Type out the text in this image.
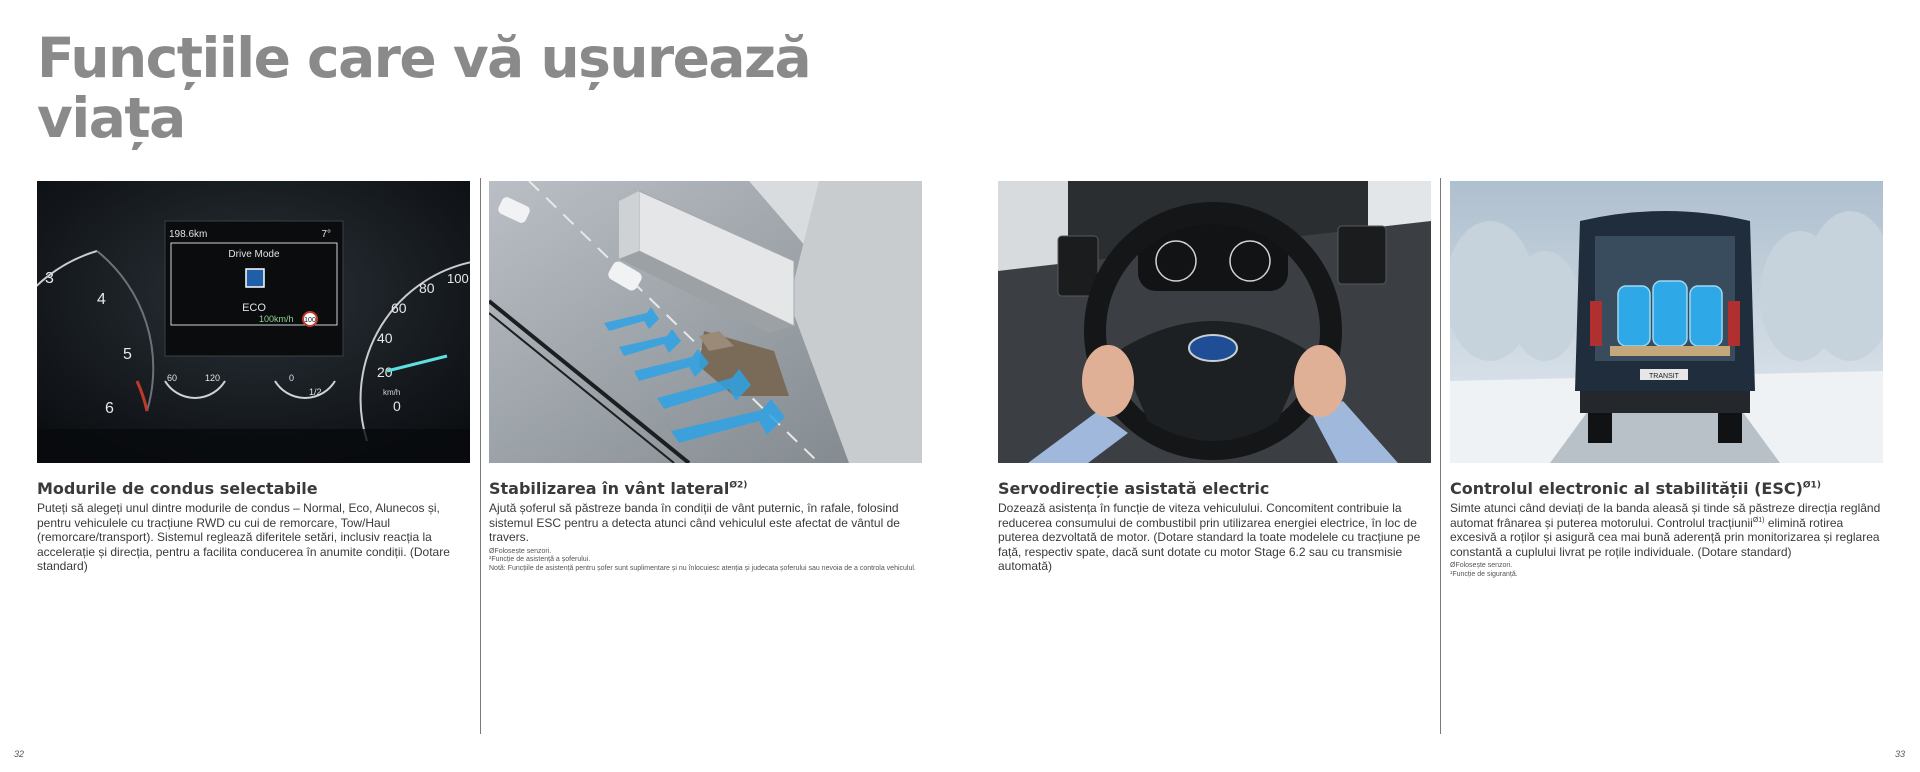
Funcțiile care vă ușurează
viața
3
4
5
6
100
80
60
40
20
0
km/h
198.6km	7°
Drive Mode
ECO
100km/h 100
60	120	0
1/2
Modurile de condus selectabile
Puteți să alegeți unul dintre modurile de condus – Normal, Eco, Alunecos și, pentru vehiculele cu tracțiune RWD cu cui de remorcare, Tow/Haul (remorcare/transport). Sistemul reglează diferitele setări, inclusiv reacția la accelerație și direcția, pentru a facilita conducerea în anumite condiții. (Dotare standard)
Stabilizarea în vânt lateral$^{Ø2)}$
Ajută șoferul să păstreze banda în condiții de vânt puternic, în rafale, folosind sistemul ESC pentru a detecta atunci când vehiculul este afectat de vântul de travers.
ØFolosește senzori.
²Funcție de asistență a șoferului.
Notă: Funcțiile de asistență pentru șofer sunt suplimentare și nu înlocuiesc atenția și judecata șoferului sau nevoia de a controla vehiculul.
Servodirecție asistată electric
Dozează asistența în funcție de viteza vehiculului. Concomitent contribuie la reducerea consumului de combustibil prin utilizarea energiei electrice, în loc de puterea dezvoltată de motor. (Dotare standard la toate modelele cu tracțiune pe față, respectiv spate, dacă sunt dotate cu motor Stage 6.2 sau cu transmisie automată)
TRANSIT
Controlul electronic al stabilității (ESC)$^{Ø1)}$
Simte atunci când deviați de la banda aleasă și tinde să păstreze direcția reglând automat frânarea și puterea motorului. Controlul tracțiunii$^{Ø1)}$ elimină rotirea excesivă a roților și asigură cea mai bună aderență prin monitorizarea și reglarea constantă a cuplului livrat pe roțile individuale. (Dotare standard)
ØFolosește senzori.
¹Funcție de siguranță.
32	33
